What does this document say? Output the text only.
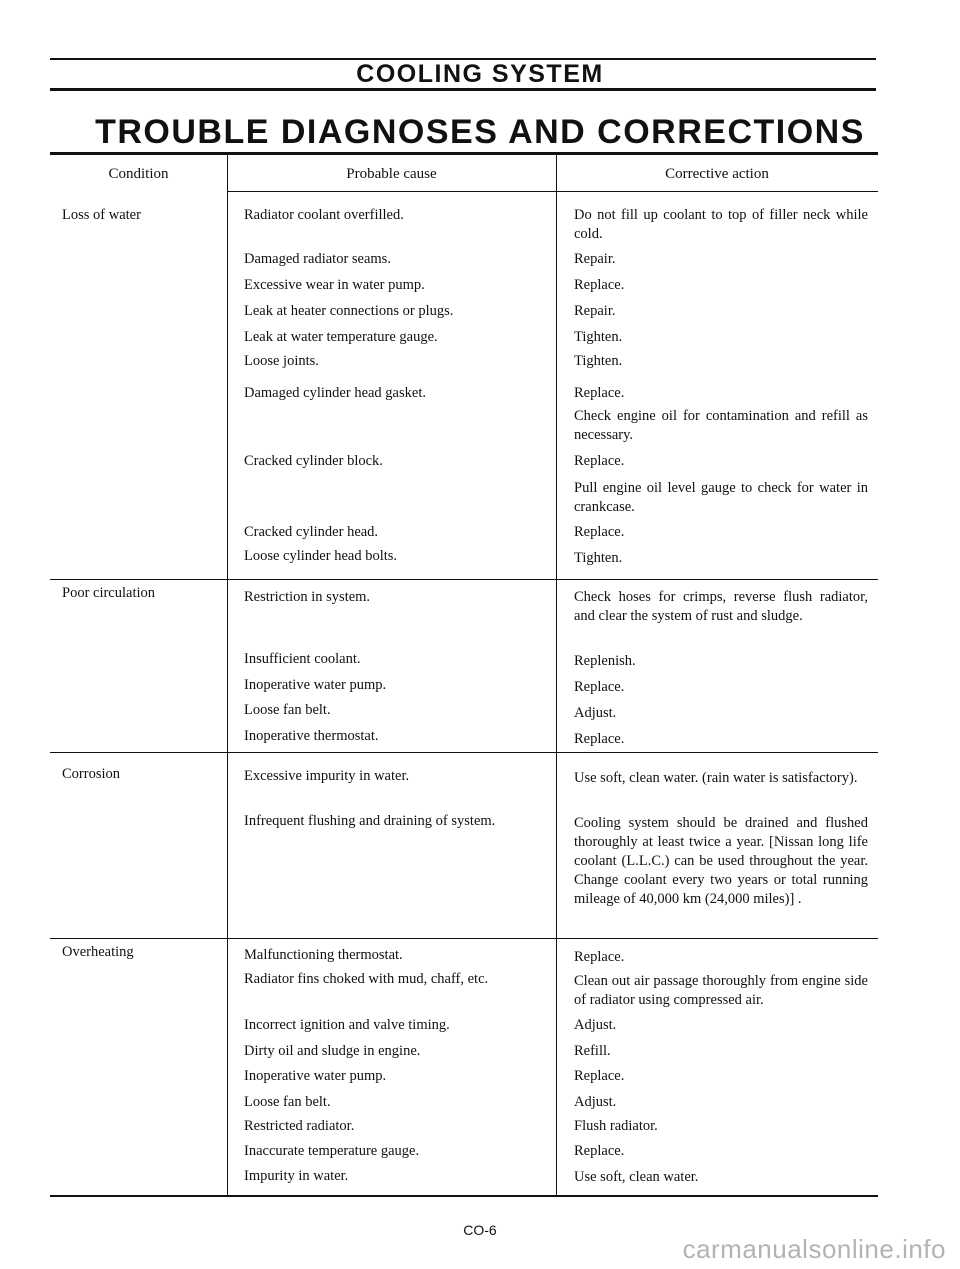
COOLING SYSTEM
TROUBLE DIAGNOSES AND CORRECTIONS
Condition	Probable cause	Corrective action
Loss of water	Radiator coolant overfilled.	Do not fill up coolant to top of filler neck while cold.
Damaged radiator seams.	Repair.
Excessive wear in water pump.	Replace.
Leak at heater connections or plugs.	Repair.
Leak at water temperature gauge.	Tighten.
Loose joints.	Tighten.
Damaged cylinder head gasket.	Replace.
Check engine oil for contamination and refill as necessary.
Cracked cylinder block.	Replace.
Pull engine oil level gauge to check for water in crankcase.
Cracked cylinder head.	Replace.
Loose cylinder head bolts.	Tighten.
Poor circulation	Restriction in system.	Check hoses for crimps, reverse flush radiator, and clear the system of rust and sludge.
Insufficient coolant.	Replenish.
Inoperative water pump.	Replace.
Loose fan belt.	Adjust.
Inoperative thermostat.	Replace.
Corrosion	Excessive impurity in water.	Use soft, clean water. (rain water is satisfactory).
Infrequent flushing and draining of system.	Cooling system should be drained and flushed thoroughly at least twice a year. [Nissan long life coolant (L.L.C.) can be used throughout the year. Change coolant every two years or total running mileage of 40,000 km (24,000 miles)] .
Overheating	Malfunctioning thermostat.	Replace.
Radiator fins choked with mud, chaff, etc.	Clean out air passage thoroughly from engine side of radiator using compressed air.
Incorrect ignition and valve timing.	Adjust.
Dirty oil and sludge in engine.	Refill.
Inoperative water pump.	Replace.
Loose fan belt.	Adjust.
Restricted radiator.	Flush radiator.
Inaccurate temperature gauge.	Replace.
Impurity in water.	Use soft, clean water.
CO-6
carmanualsonline.info
